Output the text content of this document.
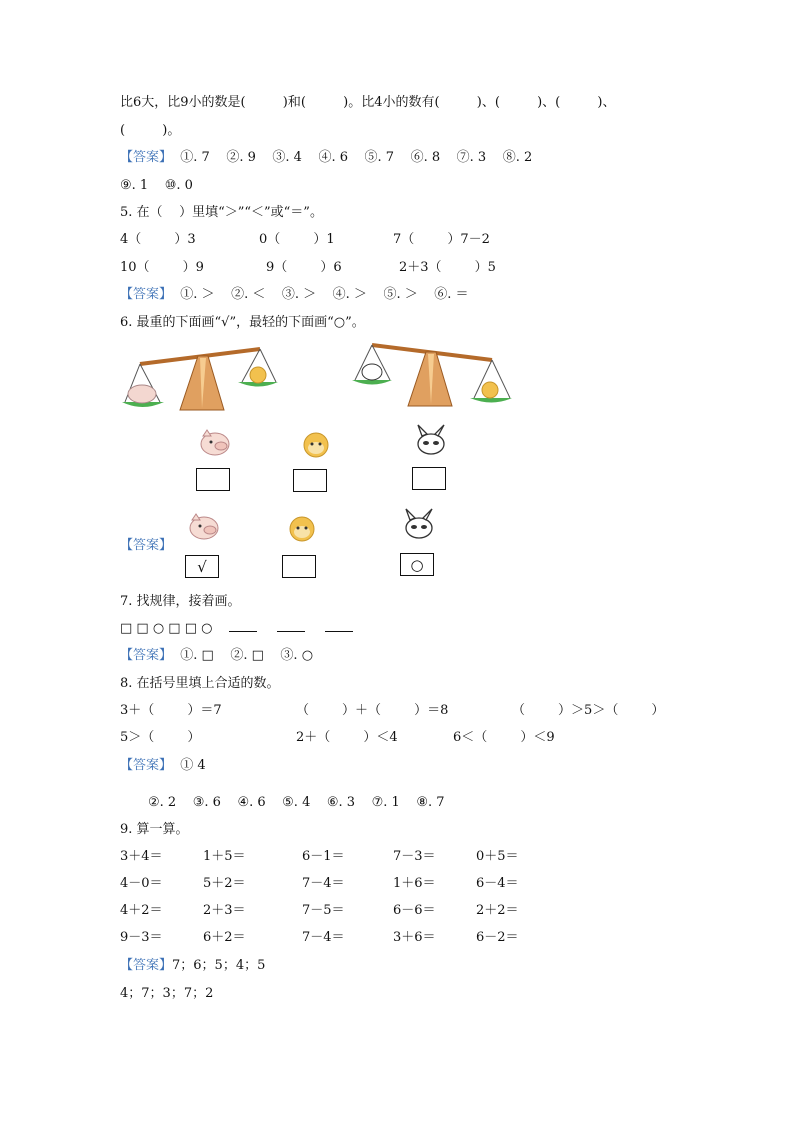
比6大，比9小的数是(         )和(         )。比4小的数有(         )、(         )、(         )、
(         )。
【答案】  ①. 7    ②. 9    ③. 4    ④. 6    ⑤. 7    ⑥. 8    ⑦. 3    ⑧. 2
⑨. 1    ⑩. 0
5. 在（    ）里填“＞”“＜”或“＝”。
4（        ）3	0（        ）1	7（        ）7－2
10（        ）9	9（        ）6	2＋3（        ）5
【答案】  ①. ＞    ②. ＜    ③. ＞    ④. ＞    ⑤. ＞    ⑥. ＝
6. 最重的下面画“√”，最轻的下面画“○”。
【答案】
√	○
7. 找规律，接着画。
□ □ ○ □ □ ○
【答案】  ①. □    ②. □    ③. ○
8. 在括号里填上合适的数。
3＋（        ）＝7	（        ）＋（        ）＝8	（        ）＞5＞（        ）
5＞（        ）	2＋（        ）＜4	6＜（        ）＜9
【答案】  ① 4
②. 2    ③. 6    ④. 6    ⑤. 4    ⑥. 3    ⑦. 1    ⑧. 7
9. 算一算。
3＋4＝	1＋5＝	6－1＝	7－3＝	0＋5＝
4－0＝	5＋2＝	7－4＝	1＋6＝	6－4＝
4＋2＝	2＋3＝	7－5＝	6－6＝	2＋2＝
9－3＝	6＋2＝	7－4＝	3＋6＝	6－2＝
【答案】7；6；5；4；5
4；7；3；7；2
